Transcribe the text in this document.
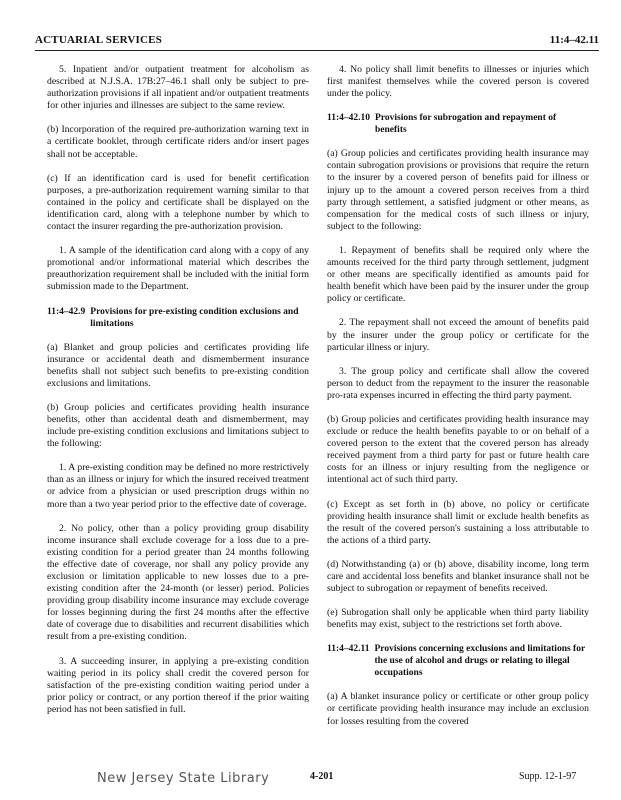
ACTUARIAL SERVICES	11:4–42.11

5. Inpatient and/or outpatient treatment for alcoholism as described at N.J.S.A. 17B:27–46.1 shall only be subject to pre-authorization provisions if all inpatient and/or outpatient treatments for other injuries and illnesses are subject to the same review.

(b) Incorporation of the required pre-authorization warning text in a certificate booklet, through certificate riders and/or insert pages shall not be acceptable.

(c) If an identification card is used for benefit certification purposes, a pre-authorization requirement warning similar to that contained in the policy and certificate shall be displayed on the identification card, along with a telephone number by which to contact the insurer regarding the pre-authorization provision.

1. A sample of the identification card along with a copy of any promotional and/or informational material which describes the preauthorization requirement shall be included with the initial form submission made to the Department.

11:4–42.9 Provisions for pre-existing condition exclusions and limitations

(a) Blanket and group policies and certificates providing life insurance or accidental death and dismemberment insurance benefits shall not subject such benefits to pre-existing condition exclusions and limitations.

(b) Group policies and certificates providing health insurance benefits, other than accidental death and dismemberment, may include pre-existing condition exclusions and limitations subject to the following:

1. A pre-existing condition may be defined no more restrictively than as an illness or injury for which the insured received treatment or advice from a physician or used prescription drugs within no more than a two year period prior to the effective date of coverage.

2. No policy, other than a policy providing group disability income insurance shall exclude coverage for a loss due to a pre-existing condition for a period greater than 24 months following the effective date of coverage, nor shall any policy provide any exclusion or limitation applicable to new losses due to a pre-existing condition after the 24-month (or lesser) period. Policies providing group disability income insurance may exclude coverage for losses beginning during the first 24 months after the effective date of coverage due to disabilities and recurrent disabilities which result from a pre-existing condition.

3. A succeeding insurer, in applying a pre-existing condition waiting period in its policy shall credit the covered person for satisfaction of the pre-existing condition waiting period under a prior policy or contract, or any portion thereof if the prior waiting period has not been satisfied in full.

4. No policy shall limit benefits to illnesses or injuries which first manifest themselves while the covered person is covered under the policy.

11:4–42.10 Provisions for subrogation and repayment of benefits

(a) Group policies and certificates providing health insurance may contain subrogation provisions or provisions that require the return to the insurer by a covered person of benefits paid for illness or injury up to the amount a covered person receives from a third party through settlement, a satisfied judgment or other means, as compensation for the medical costs of such illness or injury, subject to the following:

1. Repayment of benefits shall be required only where the amounts received for the third party through settlement, judgment or other means are specifically identified as amounts paid for health benefit which have been paid by the insurer under the group policy or certificate.

2. The repayment shall not exceed the amount of benefits paid by the insurer under the group policy or certificate for the particular illness or injury.

3. The group policy and certificate shall allow the covered person to deduct from the repayment to the insurer the reasonable pro-rata expenses incurred in effecting the third party payment.

(b) Group policies and certificates providing health insurance may exclude or reduce the health benefits payable to or on behalf of a covered person to the extent that the covered person has already received payment from a third party for past or future health care costs for an illness or injury resulting from the negligence or intentional act of such third party.

(c) Except as set forth in (b) above, no policy or certificate providing health insurance shall limit or exclude health benefits as the result of the covered person's sustaining a loss attributable to the actions of a third party.

(d) Notwithstanding (a) or (b) above, disability income, long term care and accidental loss benefits and blanket insurance shall not be subject to subrogation or repayment of benefits received.

(e) Subrogation shall only be applicable when third party liability benefits may exist, subject to the restrictions set forth above.

11:4–42.11 Provisions concerning exclusions and limitations for the use of alcohol and drugs or relating to illegal occupations

(a) A blanket insurance policy or certificate or other group policy or certificate providing health insurance may include an exclusion for losses resulting from the covered

New Jersey State Library	4-201	Supp. 12-1-97
